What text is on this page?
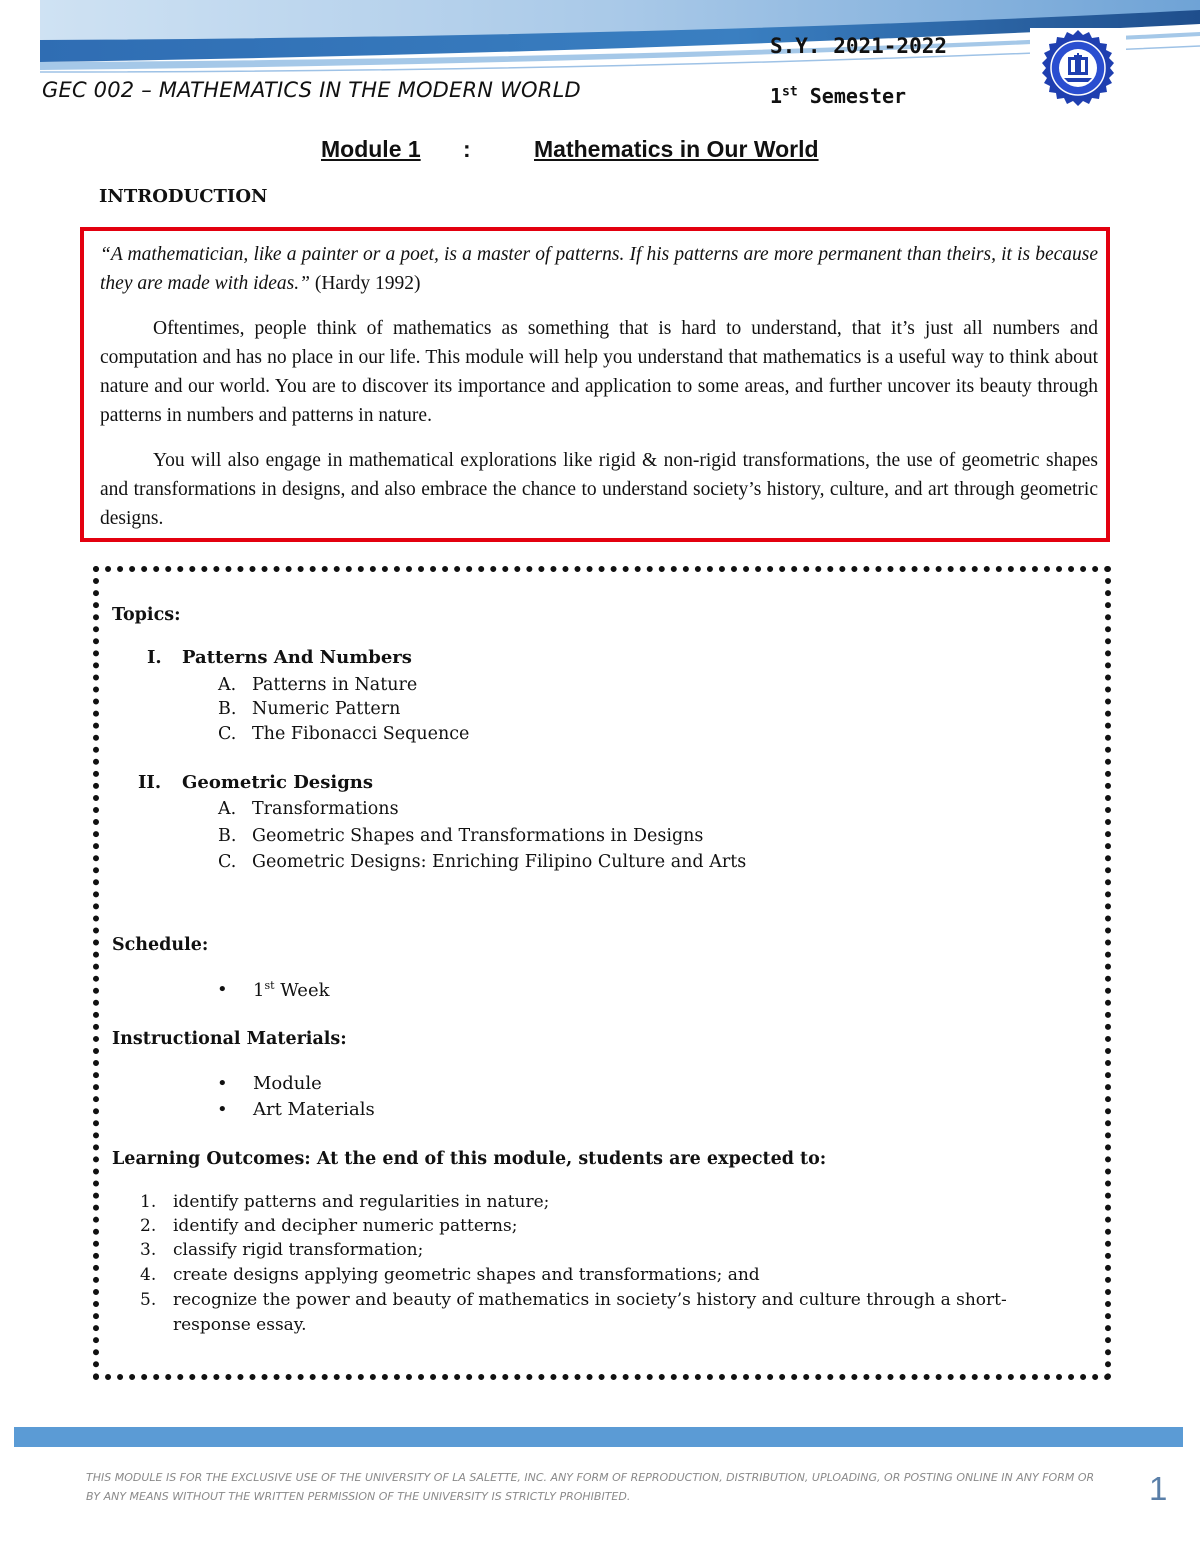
GEC 002 – MATHEMATICS IN THE MODERN WORLD
S.Y. 2021-2022
1st Semester
Module 1 :	Mathematics in Our World
INTRODUCTION

“A mathematician, like a painter or a poet, is a master of patterns. If his patterns are more permanent than theirs, it is because they are made with ideas.” (Hardy 1992)

Oftentimes, people think of mathematics as something that is hard to understand, that it’s just all numbers and computation and has no place in our life. This module will help you understand that mathematics is a useful way to think about nature and our world. You are to discover its importance and application to some areas, and further uncover its beauty through patterns in numbers and patterns in nature.

You will also engage in mathematical explorations like rigid & non-rigid transformations, the use of geometric shapes and transformations in designs, and also embrace the chance to understand society’s history, culture, and art through geometric designs.

Topics:
I. Patterns And Numbers
A. Patterns in Nature
B. Numeric Pattern
C. The Fibonacci Sequence
II. Geometric Designs
A. Transformations
B. Geometric Shapes and Transformations in Designs
C. Geometric Designs: Enriching Filipino Culture and Arts
Schedule:
• 1st Week
Instructional Materials:
• Module
• Art Materials
Learning Outcomes: At the end of this module, students are expected to:
1. identify patterns and regularities in nature;
2. identify and decipher numeric patterns;
3. classify rigid transformation;
4. create designs applying geometric shapes and transformations; and
5. recognize the power and beauty of mathematics in society’s history and culture through a short-
response essay.
THIS MODULE IS FOR THE EXCLUSIVE USE OF THE UNIVERSITY OF LA SALETTE, INC. ANY FORM OF REPRODUCTION, DISTRIBUTION, UPLOADING, OR POSTING ONLINE IN ANY FORM OR BY ANY MEANS WITHOUT THE WRITTEN PERMISSION OF THE UNIVERSITY IS STRICTLY PROHIBITED.	1
